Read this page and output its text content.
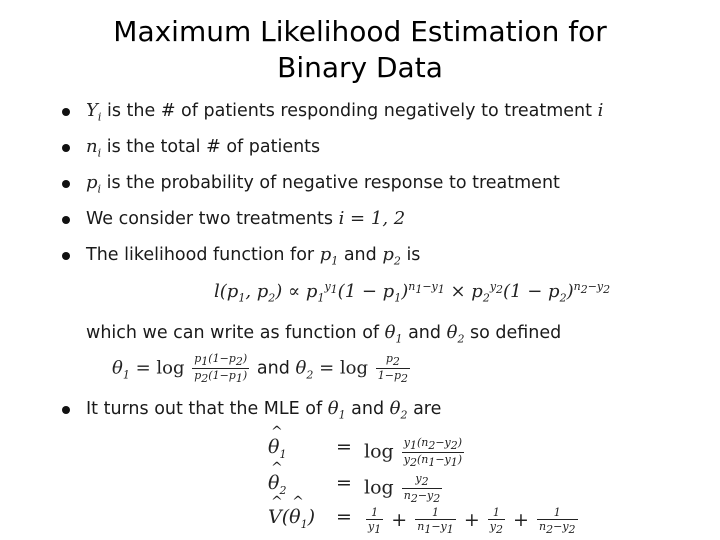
Maximum Likelihood Estimation for
Binary Data
$Y_i$ is the # of patients responding negatively to treatment i
$n_i$ is the total # of patients
$p_i$ is the probability of negative response to treatment
We consider two treatments i = 1, 2
The likelihood function for $p_1$ and $p_2$ is
$l(p_1$, $p_2) \propto p_1^{y_1}(1 - p_1)^{n_1-y_1} \times p_2^{y_2}(1 - p_2)^{n_2-y_2}$
which we can write as function of $\theta_1$ and $\theta_2$ so defined
$\theta_1 = \log \frac{p_1(1-p_2)}{p_2(1-p_1)}$ and $\theta_2 = \log \frac{p_2}{1-p_2}$
It turns out that the MLE of $\theta_1$ and $\theta_2$ are
^ $\theta_1$	= $\log \frac{y_1(n_2-y_2)}{y_2(n_1-y_1)}$
^ $\theta_2$	= $\log \frac{y_2}{n_2-y_2}$
^ V(^ $\theta_1) = \frac{1}{y_1} + \frac{1}{n_1-y_1} + \frac{1}{y_2} + \frac{1}{n_2-y_2}$
